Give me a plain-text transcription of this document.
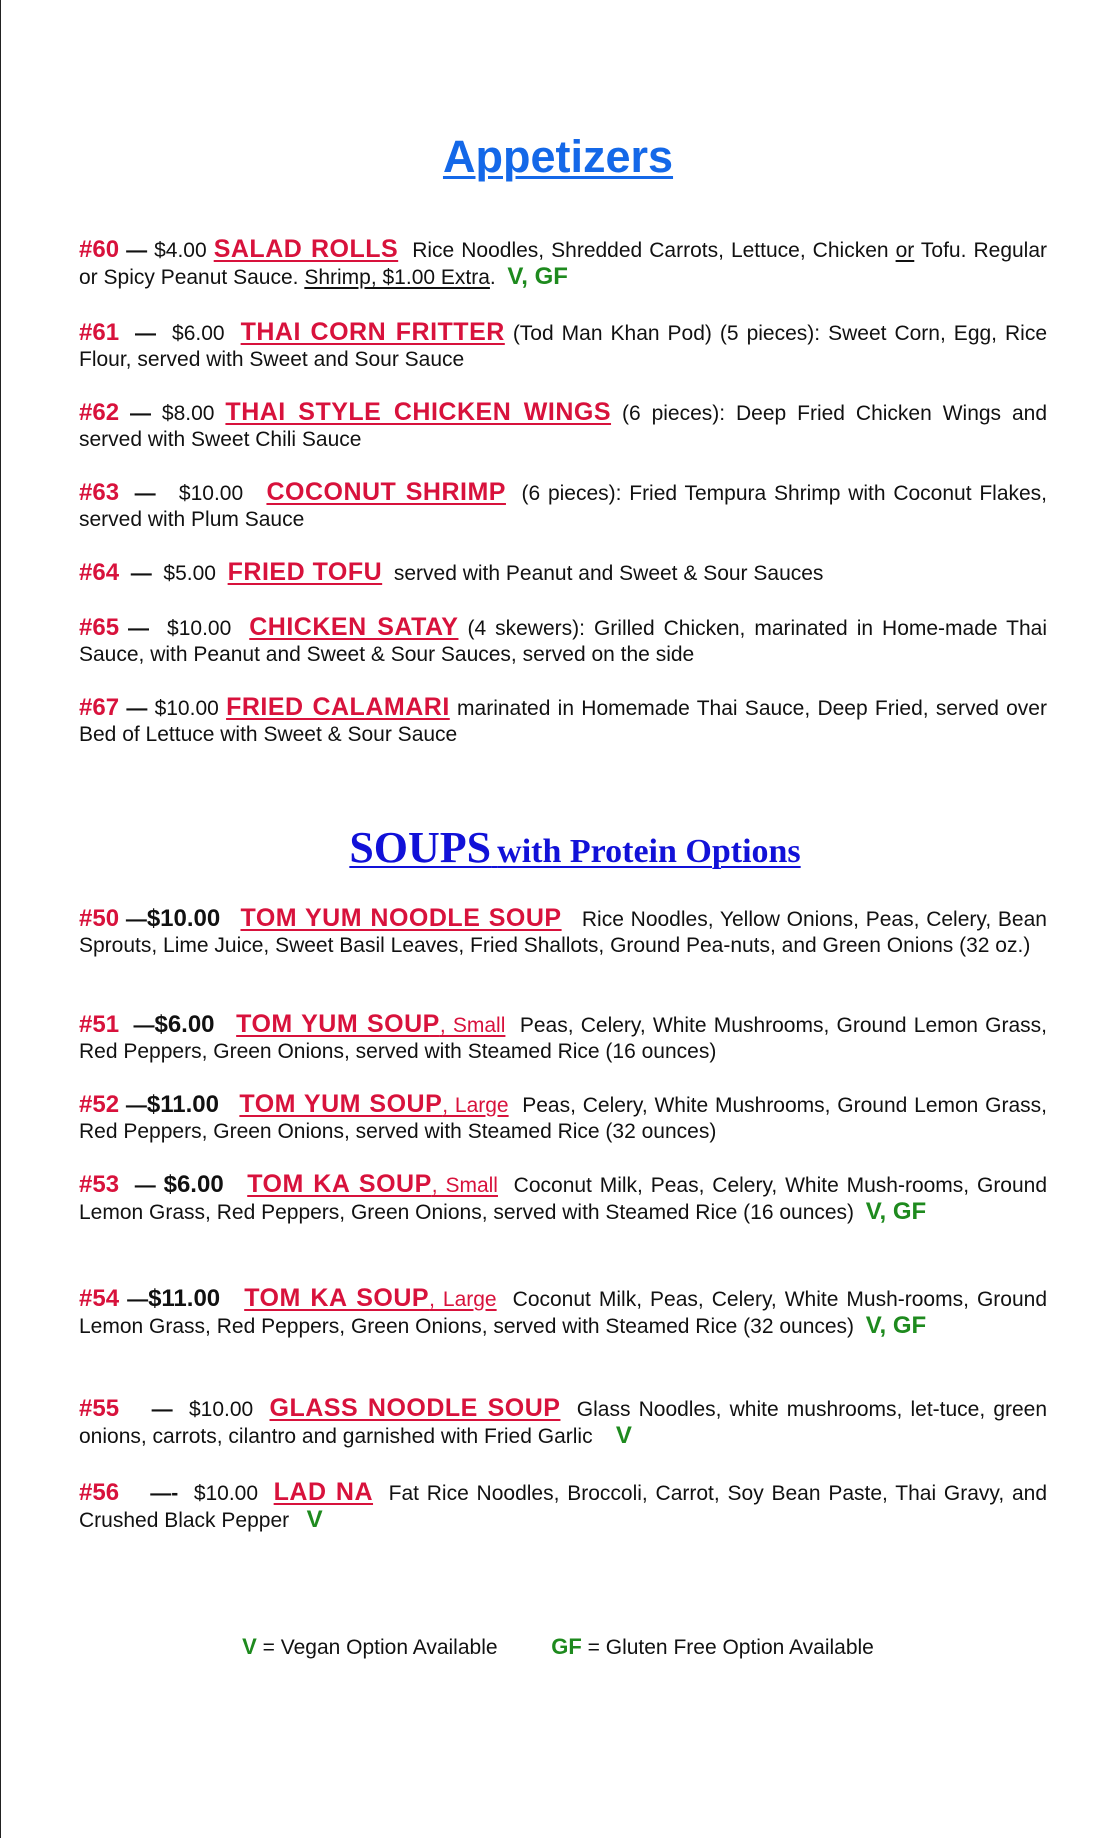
Appetizers

#60 — $4.00 SALAD ROLLS Rice Noodles, Shredded Carrots, Lettuce, Chicken or Tofu. Regular or Spicy Peanut Sauce. Shrimp, $1.00 Extra. V, GF

#61 — $6.00 THAI CORN FRITTER (Tod Man Khan Pod) (5 pieces): Sweet Corn, Egg, Rice Flour, served with Sweet and Sour Sauce

#62 — $8.00 THAI STYLE CHICKEN WINGS (6 pieces): Deep Fried Chicken Wings and served with Sweet Chili Sauce

#63 — $10.00 COCONUT SHRIMP (6 pieces): Fried Tempura Shrimp with Coconut Flakes, served with Plum Sauce

#64 — $5.00 FRIED TOFU served with Peanut and Sweet & Sour Sauces

#65 — $10.00 CHICKEN SATAY (4 skewers): Grilled Chicken, marinated in Home-made Thai Sauce, with Peanut and Sweet & Sour Sauces, served on the side

#67 — $10.00 FRIED CALAMARI marinated in Homemade Thai Sauce, Deep Fried, served over Bed of Lettuce with Sweet & Sour Sauce

SOUPS with Protein Options

#50 —$10.00 TOM YUM NOODLE SOUP Rice Noodles, Yellow Onions, Peas, Celery, Bean Sprouts, Lime Juice, Sweet Basil Leaves, Fried Shallots, Ground Pea-nuts, and Green Onions (32 oz.)

#51 —$6.00 TOM YUM SOUP, Small Peas, Celery, White Mushrooms, Ground Lemon Grass, Red Peppers, Green Onions, served with Steamed Rice (16 ounces)

#52 —$11.00 TOM YUM SOUP, Large Peas, Celery, White Mushrooms, Ground Lemon Grass, Red Peppers, Green Onions, served with Steamed Rice (32 ounces)

#53 — $6.00 TOM KA SOUP, Small Coconut Milk, Peas, Celery, White Mush-rooms, Ground Lemon Grass, Red Peppers, Green Onions, served with Steamed Rice (16 ounces) V, GF

#54 —$11.00 TOM KA SOUP, Large Coconut Milk, Peas, Celery, White Mush-rooms, Ground Lemon Grass, Red Peppers, Green Onions, served with Steamed Rice (32 ounces) V, GF

#55 — $10.00 GLASS NOODLE SOUP Glass Noodles, white mushrooms, let-tuce, green onions, carrots, cilantro and garnished with Fried Garlic V

#56 —- $10.00 LAD NA Fat Rice Noodles, Broccoli, Carrot, Soy Bean Paste, Thai Gravy, and Crushed Black Pepper V

V = Vegan Option Available GF = Gluten Free Option Available
